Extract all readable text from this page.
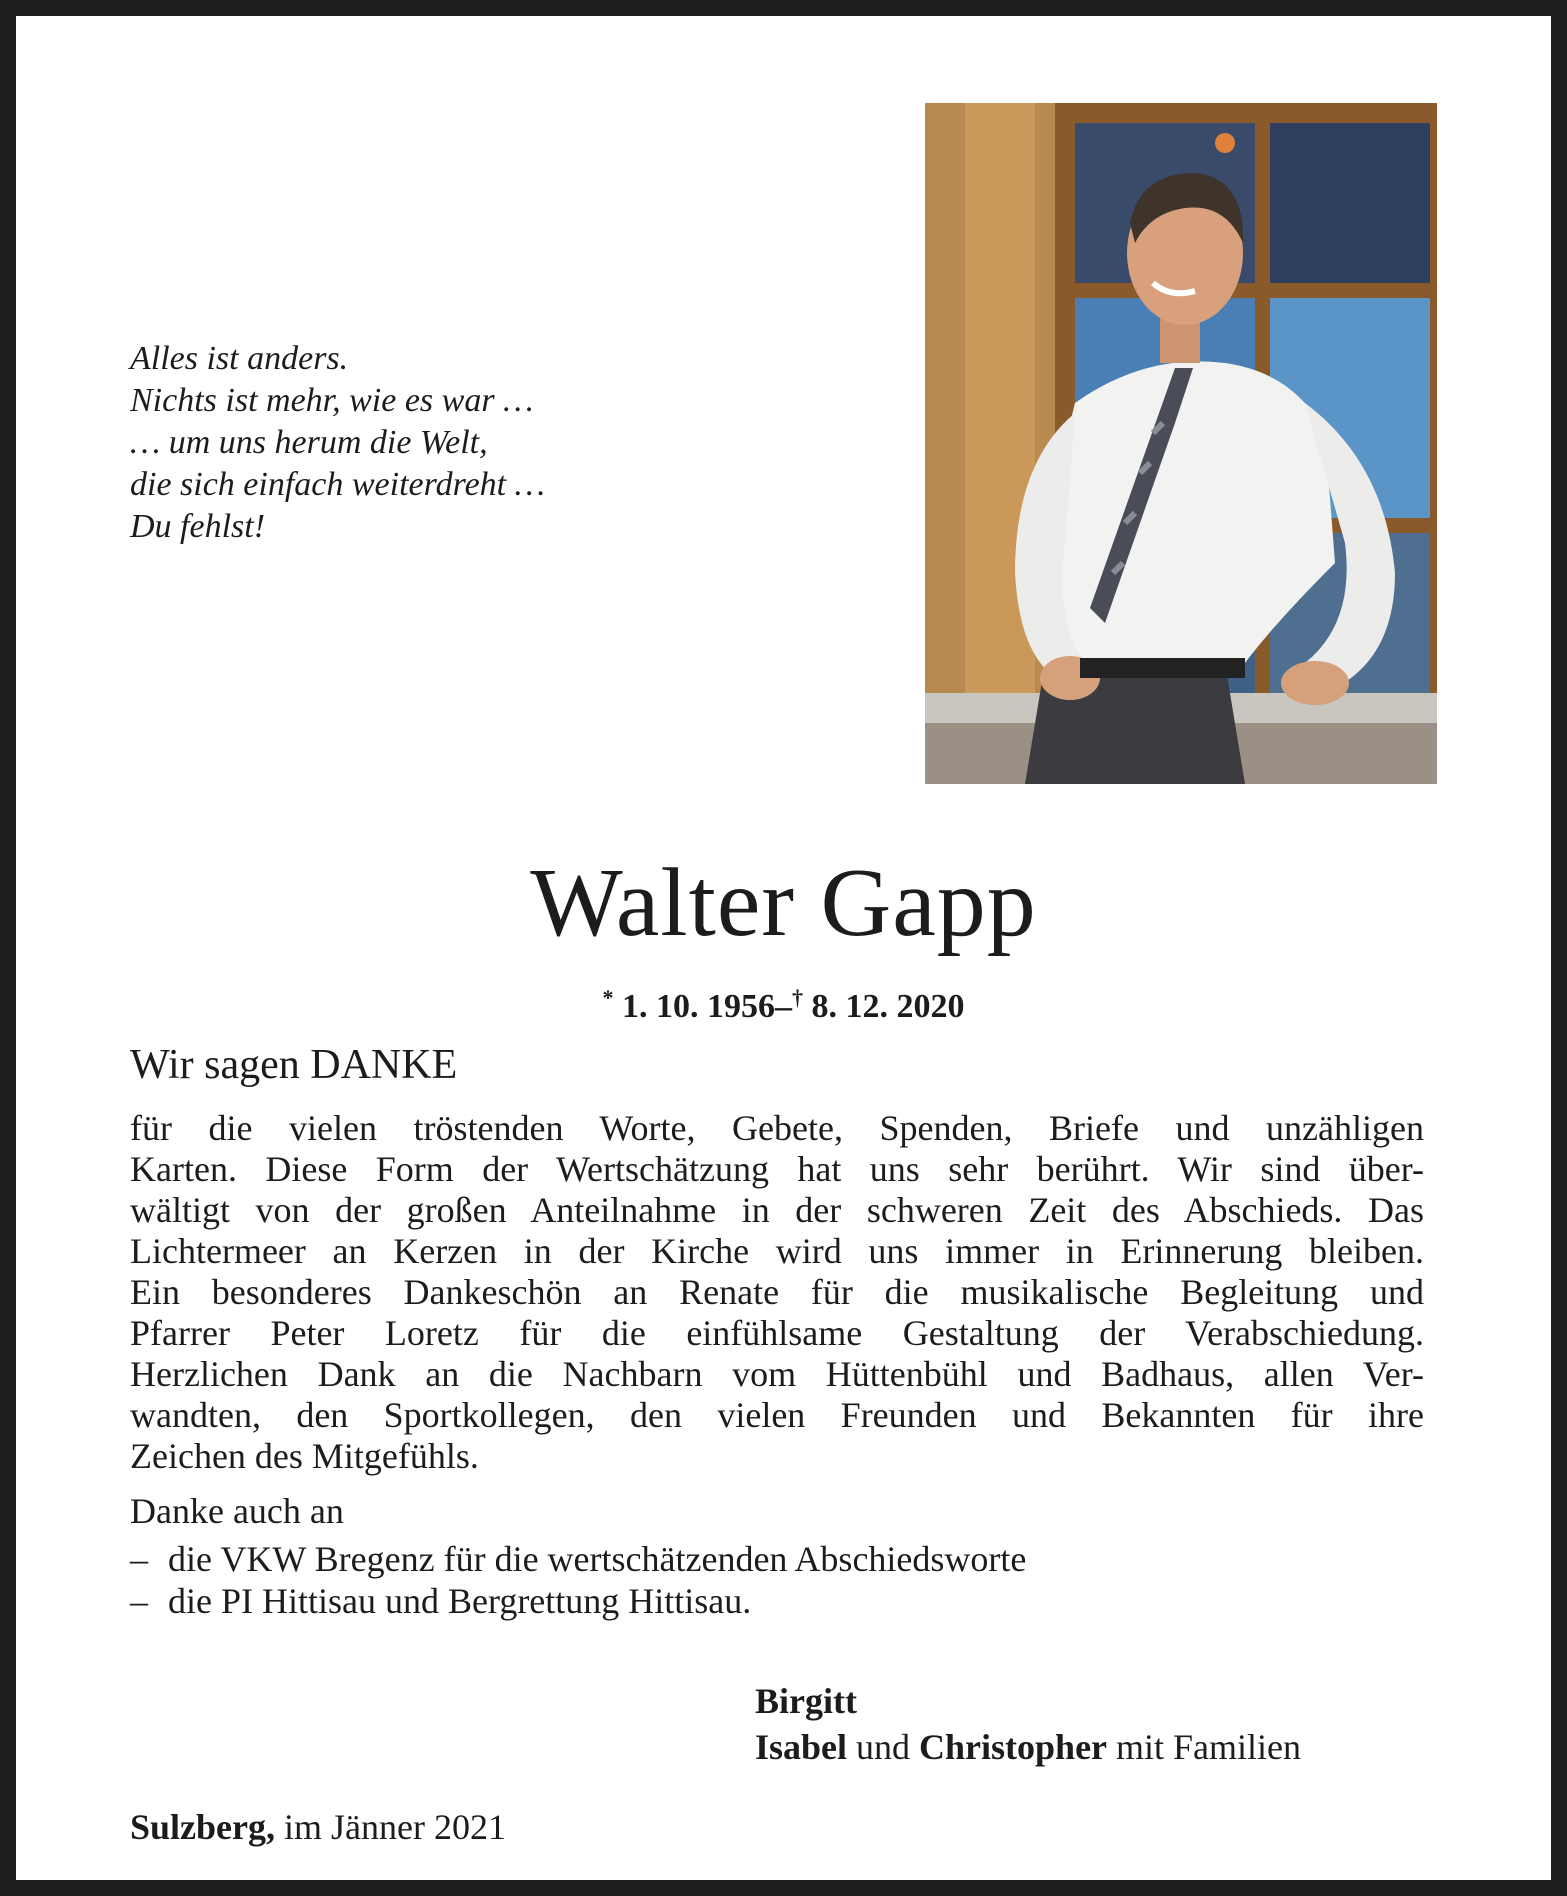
Alles ist anders.
Nichts ist mehr, wie es war …
… um uns herum die Welt,
die sich einfach weiterdreht …
Du fehlst!
Walter Gapp
* 1. 10. 1956–† 8. 12. 2020
Wir sagen DANKE
für die vielen tröstenden Worte, Gebete, Spenden, Briefe und unzähligen
Karten. Diese Form der Wertschätzung hat uns sehr berührt. Wir sind über-
wältigt von der großen Anteilnahme in der schweren Zeit des Abschieds. Das
Lichtermeer an Kerzen in der Kirche wird uns immer in Erinnerung bleiben.
Ein besonderes Dankeschön an Renate für die musikalische Begleitung und
Pfarrer Peter Loretz für die einfühlsame Gestaltung der Verabschiedung.
Herzlichen Dank an die Nachbarn vom Hüttenbühl und Badhaus, allen Ver-
wandten, den Sportkollegen, den vielen Freunden und Bekannten für ihre
Zeichen des Mitgefühls.
Danke auch an
– die VKW Bregenz für die wertschätzenden Abschiedsworte
– die PI Hittisau und Bergrettung Hittisau.
Birgitt
Isabel und Christopher mit Familien
Sulzberg, im Jänner 2021
